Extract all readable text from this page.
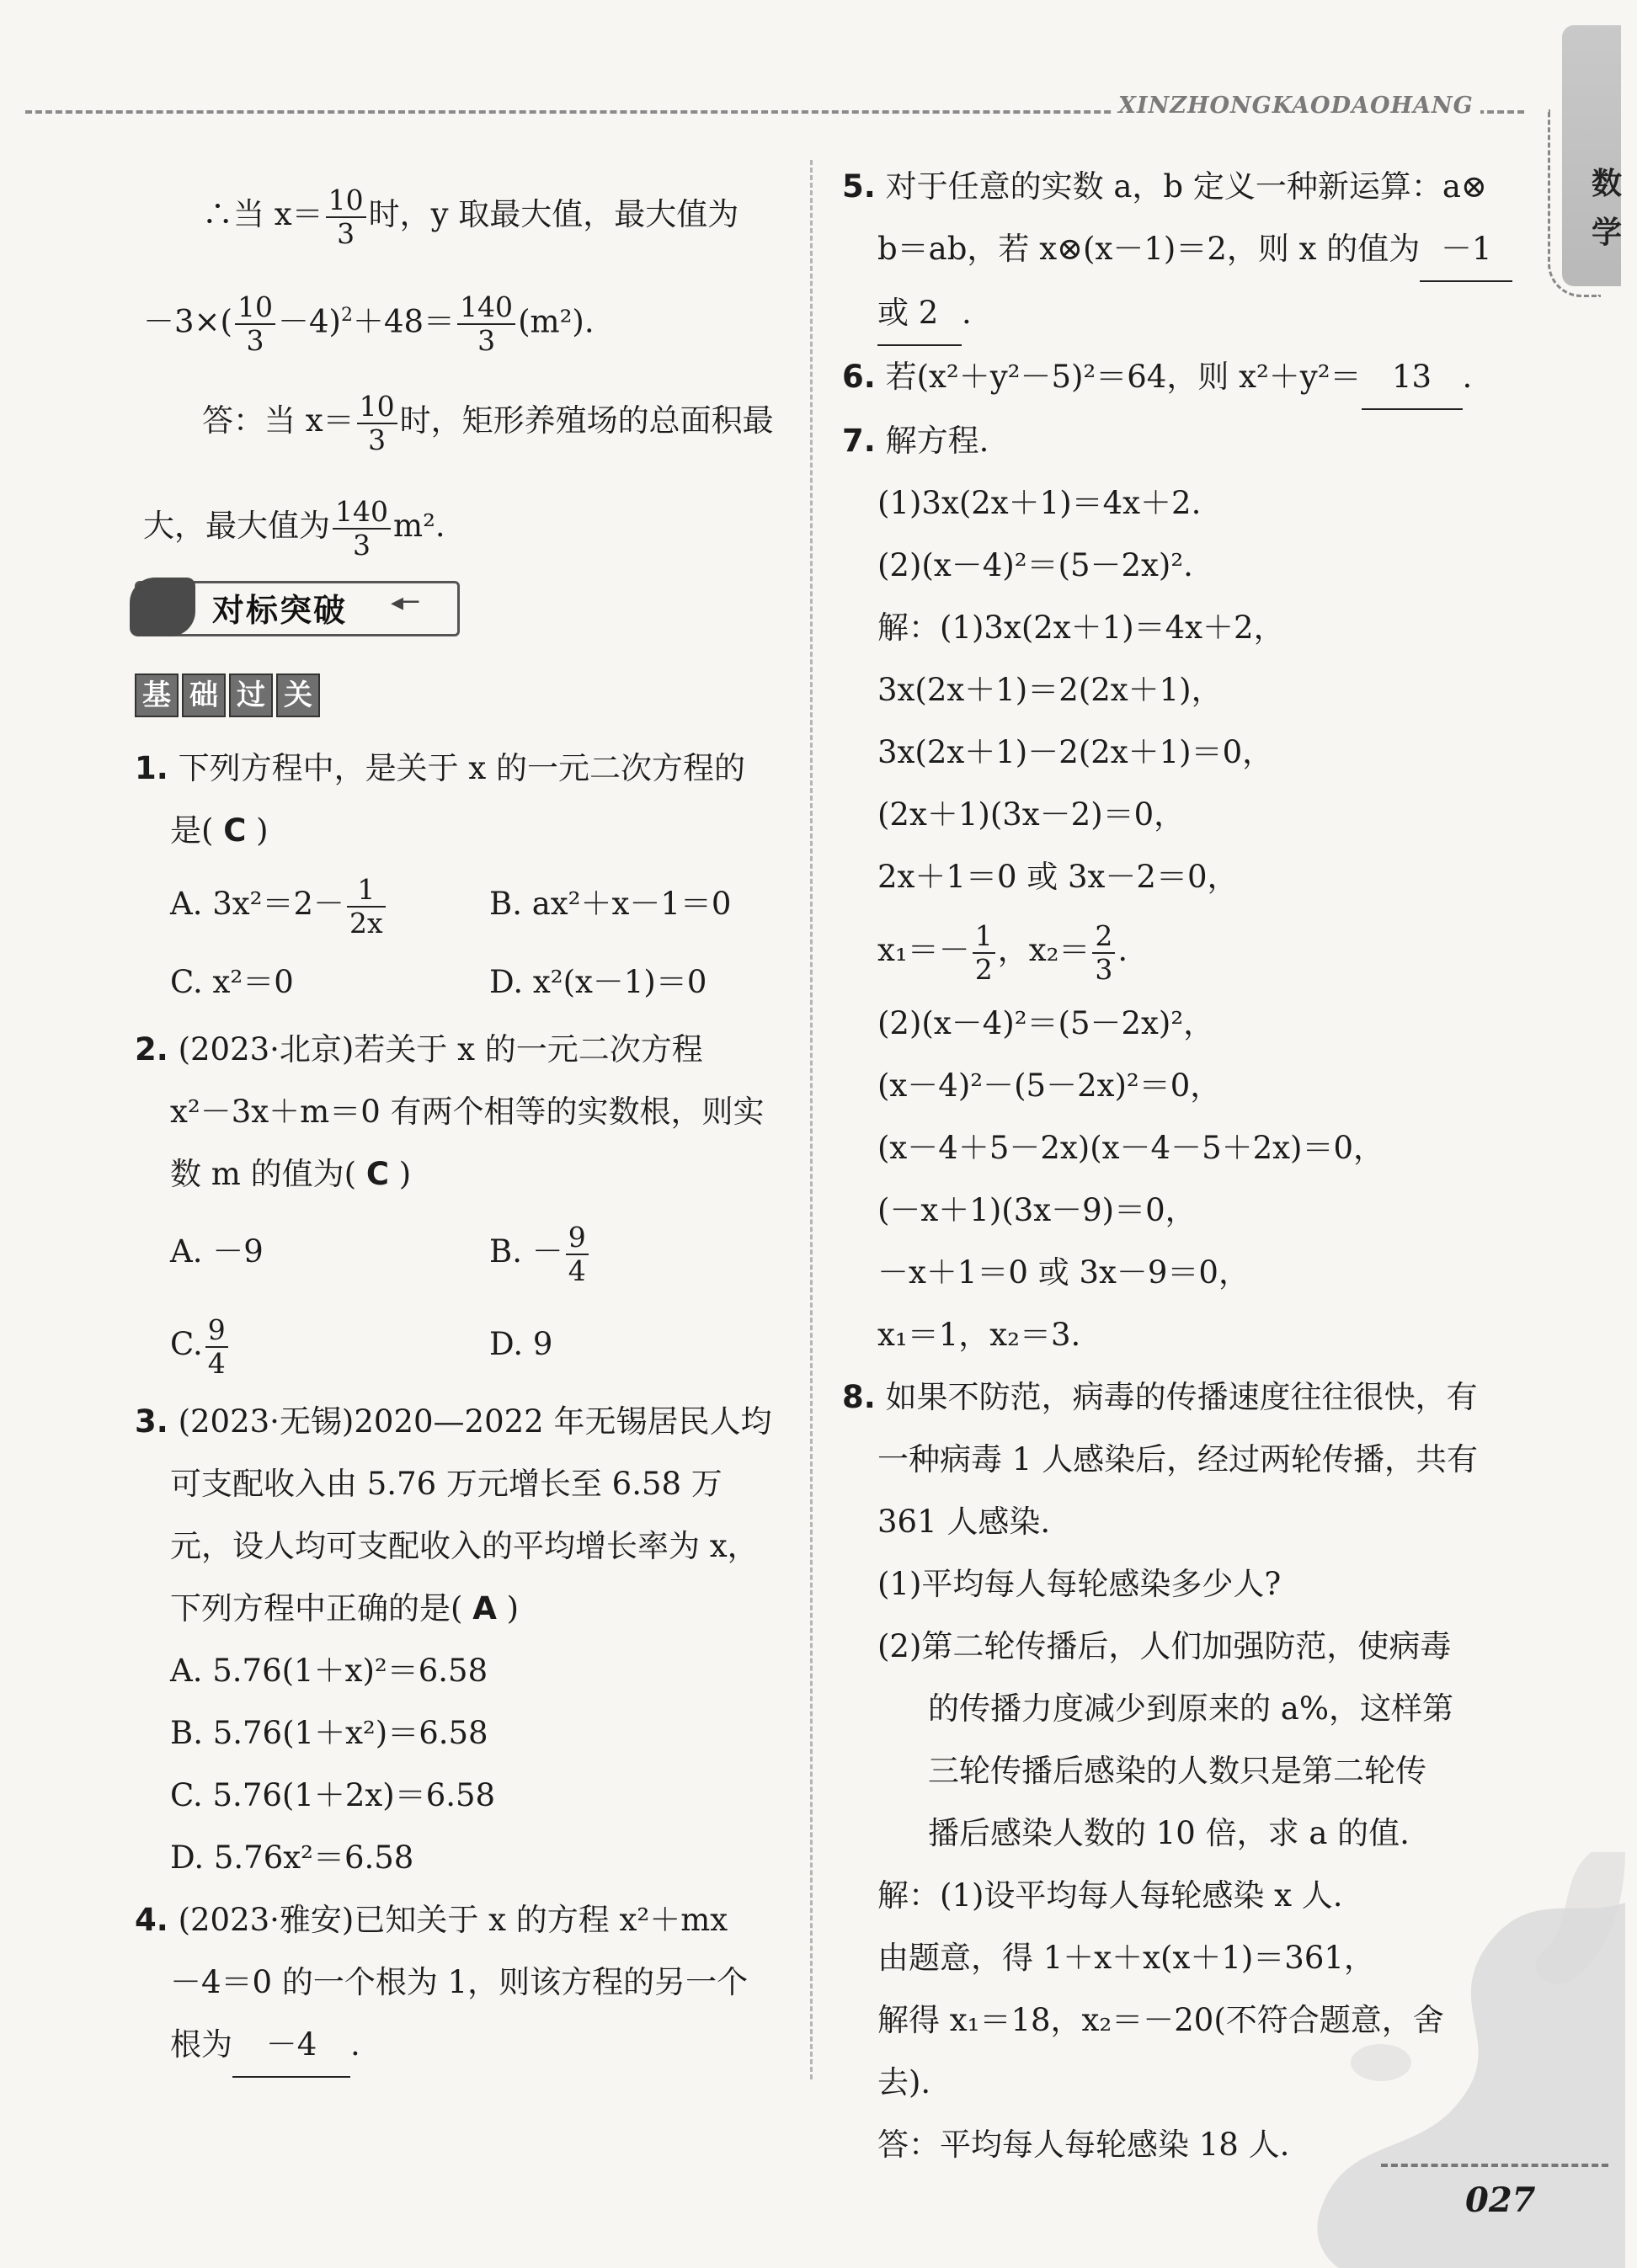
XINZHONGKAODAOHANG
数学
∴当 $x= \frac{10}{3}$ 时，y 取最大值，最大值为
$-3\times( \frac{10}{3} -4)^2+48= \frac{140}{3} (m^2)$.
答：当 $x= \frac{10}{3}$ 时，矩形养殖场的总面积最
大，最大值为 $\frac{140}{3} m^2$.
对标突破 ◂─
基 础 过 关
1. 下列方程中，是关于 x 的一元二次方程的
是( C )
A. $3x^2=2- \frac{1}{2x}$	B. ax²＋x－1＝0
C. x²＝0	D. x²(x－1)＝0
2. (2023·北京)若关于 x 的一元二次方程
x²－3x＋m＝0 有两个相等的实数根，则实
数 m 的值为( C )
A. －9	B. － $\frac{9}{4}$
C. $\frac{9}{4}$	D. 9
3. (2023·无锡)2020—2022 年无锡居民人均
可支配收入由 5.76 万元增长至 6.58 万
元，设人均可支配收入的平均增长率为 x，
下列方程中正确的是( A )
A. 5.76(1＋x)²＝6.58
B. 5.76(1＋x²)＝6.58
C. 5.76(1＋2x)＝6.58
D. 5.76x²＝6.58
4. (2023·雅安)已知关于 x 的方程 x²＋mx
－4＝0 的一个根为 1，则该方程的另一个
根为 －4 .
5. 对于任意的实数 a，b 定义一种新运算：a⊗
b＝ab，若 x⊗(x－1)＝2，则 x 的值为 －1
或 2 .
6. 若(x²＋y²－5)²＝64，则 x²＋y²＝ 13 .
7. 解方程.
(1)3x(2x＋1)＝4x＋2.
(2)(x－4)²＝(5－2x)².
解：(1)3x(2x＋1)＝4x＋2，
3x(2x＋1)＝2(2x＋1)，
3x(2x＋1)－2(2x＋1)＝0，
(2x＋1)(3x－2)＝0，
2x＋1＝0 或 3x－2＝0，
$x_1=- \frac{1}{2}$ ，$x_2= \frac{2}{3}$ .
(2)(x－4)²＝(5－2x)²，
(x－4)²－(5－2x)²＝0，
(x－4＋5－2x)(x－4－5＋2x)＝0，
(－x＋1)(3x－9)＝0，
－x＋1＝0 或 3x－9＝0，
x₁＝1，x₂＝3.
8. 如果不防范，病毒的传播速度往往很快，有
一种病毒 1 人感染后，经过两轮传播，共有
361 人感染.
(1)平均每人每轮感染多少人?
(2)第二轮传播后，人们加强防范，使病毒
的传播力度减少到原来的 a%，这样第
三轮传播后感染的人数只是第二轮传
播后感染人数的 10 倍，求 a 的值.
解：(1)设平均每人每轮感染 x 人.
由题意，得 1＋x＋x(x＋1)＝361，
解得 x₁＝18，x₂＝－20(不符合题意，舍
去).
答：平均每人每轮感染 18 人.
027
